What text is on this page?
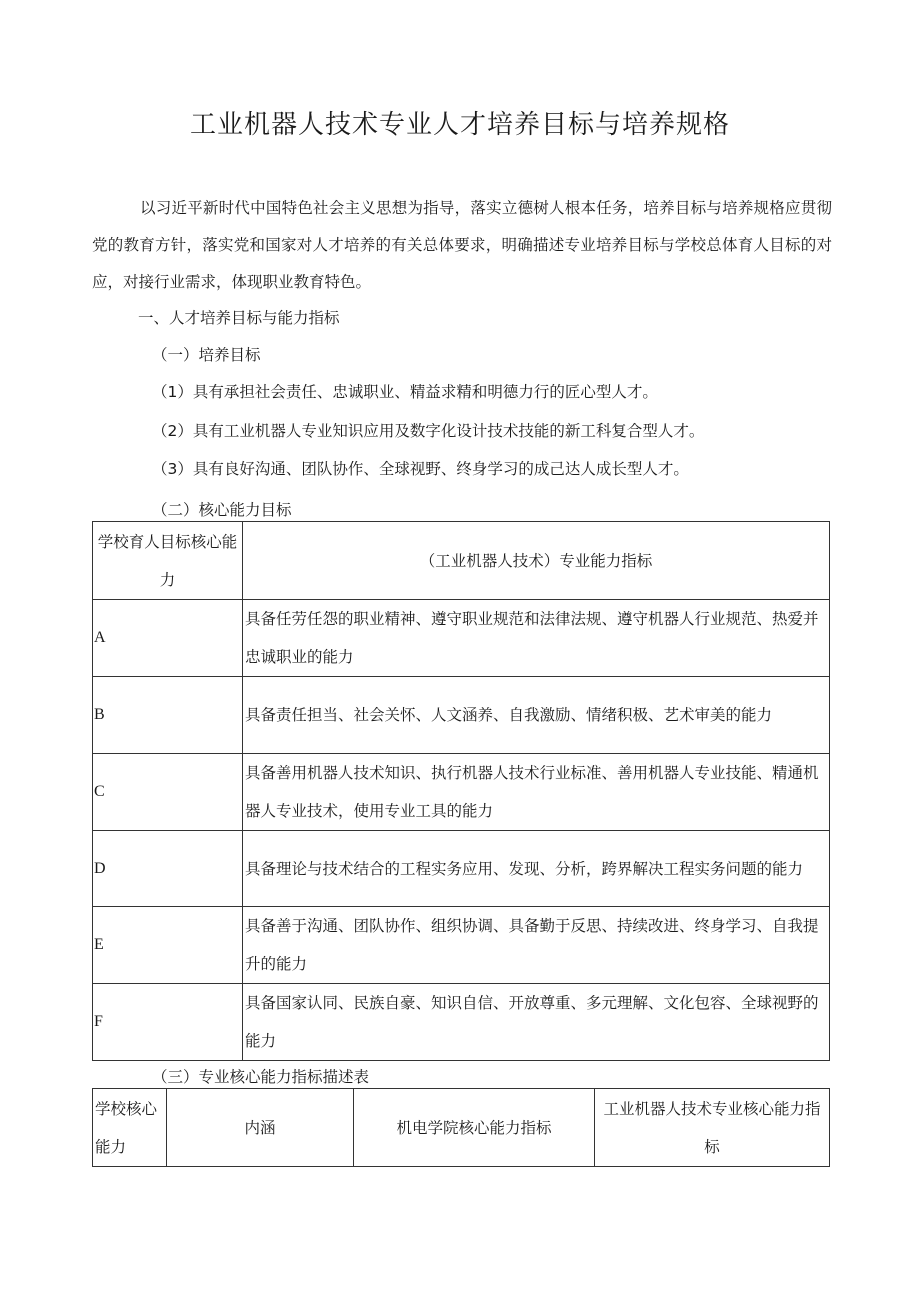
工业机器人技术专业人才培养目标与培养规格
以习近平新时代中国特色社会主义思想为指导，落实立德树人根本任务，培养目标与培养规格应贯彻党的教育方针，落实党和国家对人才培养的有关总体要求，明确描述专业培养目标与学校总体育人目标的对应，对接行业需求，体现职业教育特色。
一、人才培养目标与能力指标
（一）培养目标
（1）具有承担社会责任、忠诚职业、精益求精和明德力行的匠心型人才。
（2）具有工业机器人专业知识应用及数字化设计技术技能的新工科复合型人才。
（3）具有良好沟通、团队协作、全球视野、终身学习的成己达人成长型人才。
（二）核心能力目标
学校育人目标核心能力	（工业机器人技术）专业能力指标
A	具备任劳任怨的职业精神、遵守职业规范和法律法规、遵守机器人行业规范、热爱并忠诚职业的能力
B	具备责任担当、社会关怀、人文涵养、自我激励、情绪积极、艺术审美的能力
C	具备善用机器人技术知识、执行机器人技术行业标准、善用机器人专业技能、精通机器人专业技术，使用专业工具的能力
D	具备理论与技术结合的工程实务应用、发现、分析，跨界解决工程实务问题的能力
E	具备善于沟通、团队协作、组织协调、具备勤于反思、持续改进、终身学习、自我提升的能力
F	具备国家认同、民族自豪、知识自信、开放尊重、多元理解、文化包容、全球视野的能力
（三）专业核心能力指标描述表
学校核心能力	内涵	机电学院核心能力指标	工业机器人技术专业核心能力指标
